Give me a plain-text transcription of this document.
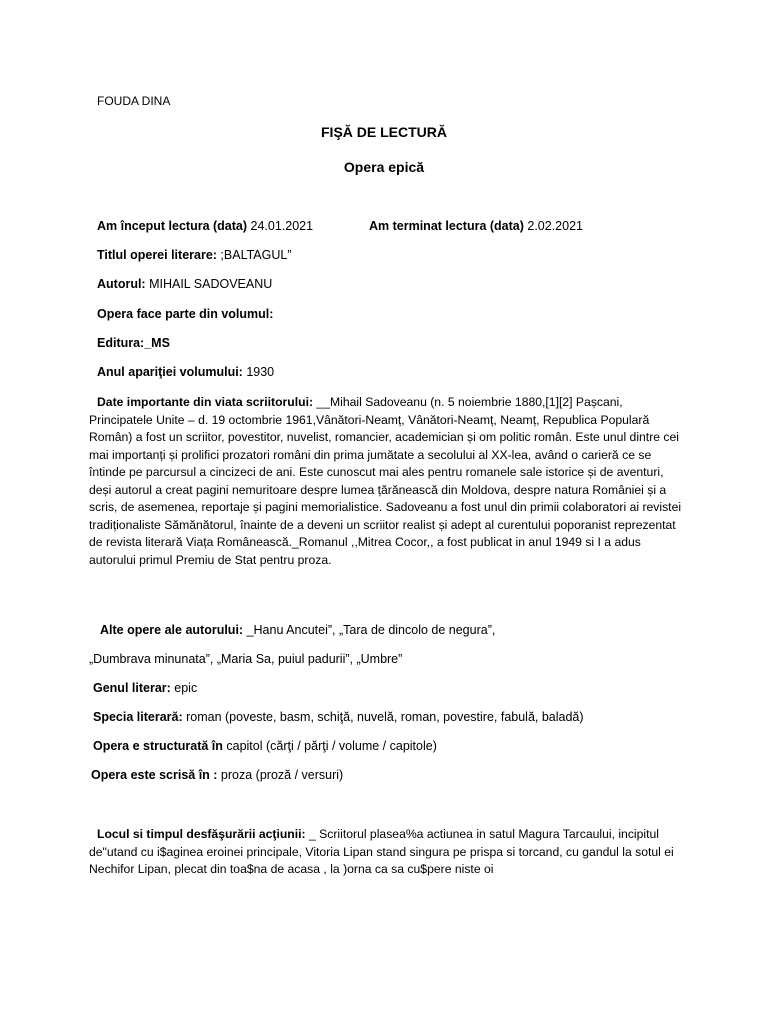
FOUDA DINA
FIŞĂ DE LECTURĂ
Opera epică
Am început lectura (data) 24.01.2021	Am terminat lectura (data) 2.02.2021
Titlul operei literare: ;BALTAGUL”
Autorul: MIHAIL SADOVEANU
Opera face parte din volumul:
Editura:_MS
Anul apariţiei volumului: 1930
Date importante din viata scriitorului: __Mihail Sadoveanu (n. 5 noiembrie 1880,[1][2] Pașcani, Principatele Unite – d. 19 octombrie 1961,Vânători-Neamț, Vânători-Neamț, Neamț, Republica Populară Român) a fost un scriitor, povestitor, nuvelist, romancier, academician și om politic român. Este unul dintre cei mai importanți și prolifici prozatori români din prima jumătate a secolului al XX-lea, având o carieră ce se întinde pe parcursul a cincizeci de ani. Este cunoscut mai ales pentru romanele sale istorice și de aventuri, deși autorul a creat pagini nemuritoare despre lumea țărănească din Moldova, despre natura României și a scris, de asemenea, reportaje și pagini memorialistice. Sadoveanu a fost unul din primii colaboratori ai revistei tradiționaliste Sămănătorul, înainte de a deveni un scriitor realist și adept al curentului poporanist reprezentat de revista literară Viața Românească._Romanul ,,Mitrea Cocor,, a fost publicat in anul 1949 si I a adus autorului primul Premiu de Stat pentru proza.
Alte opere ale autorului: _Hanu Ancutei”, „Tara de dincolo de negura”,
„Dumbrava minunata”, „Maria Sa, puiul padurii”, „Umbre”
Genul literar: epic
Specia literară: roman (poveste, basm, schiţă, nuvelă, roman, povestire, fabulă, baladă)
Opera e structurată în capitol (cărţi / părţi / volume / capitole)
Opera este scrisă în : proza (proză / versuri)
Locul si timpul desfăşurării acţiunii: _ Scriitorul plasea%a actiunea in satul Magura Tarcaului, incipitul de"utand cu i$aginea eroinei principale, Vitoria Lipan stand singura pe prispa si torcand, cu gandul la sotul ei Nechifor Lipan, plecat din toa$na de acasa , la )orna ca sa cu$pere niste oi
